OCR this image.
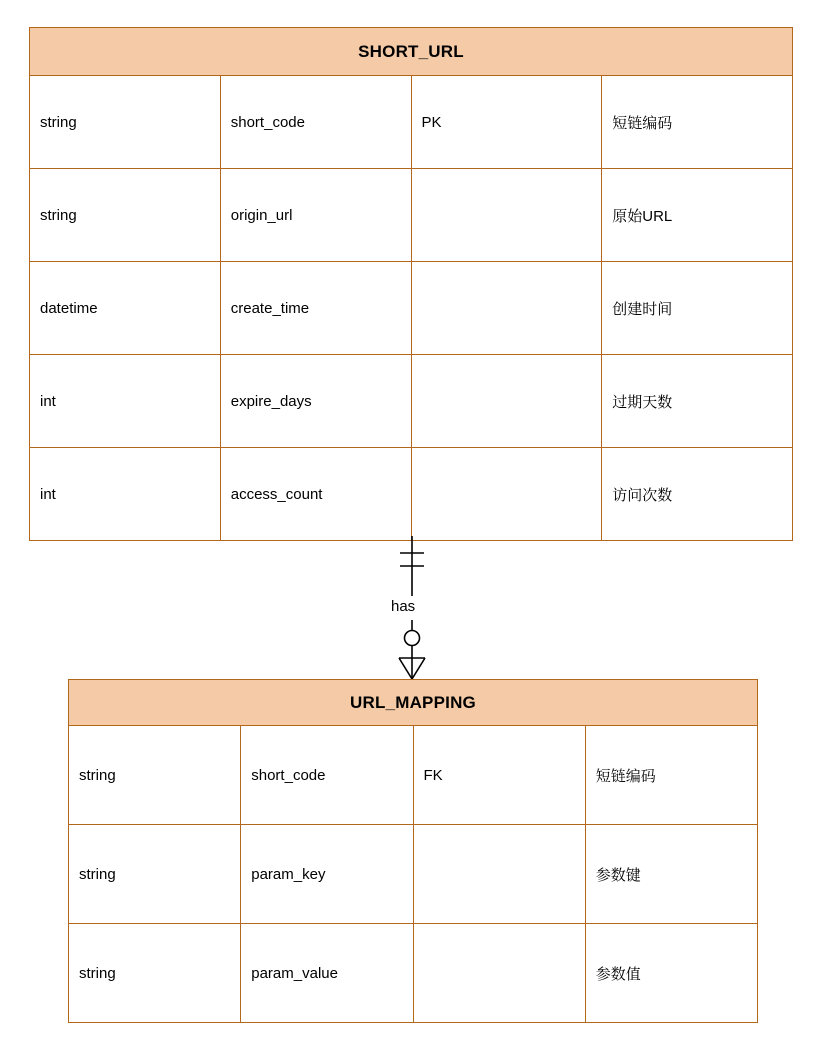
SHORT_URL			
string	short_code	PK	短链编码
string	origin_url		原始URL
datetime	create_time		创建时间
int	expire_days		过期天数
int	access_count		访问次数
has
URL_MAPPING			
string	short_code	FK	短链编码
string	param_key		参数键
string	param_value		参数值
